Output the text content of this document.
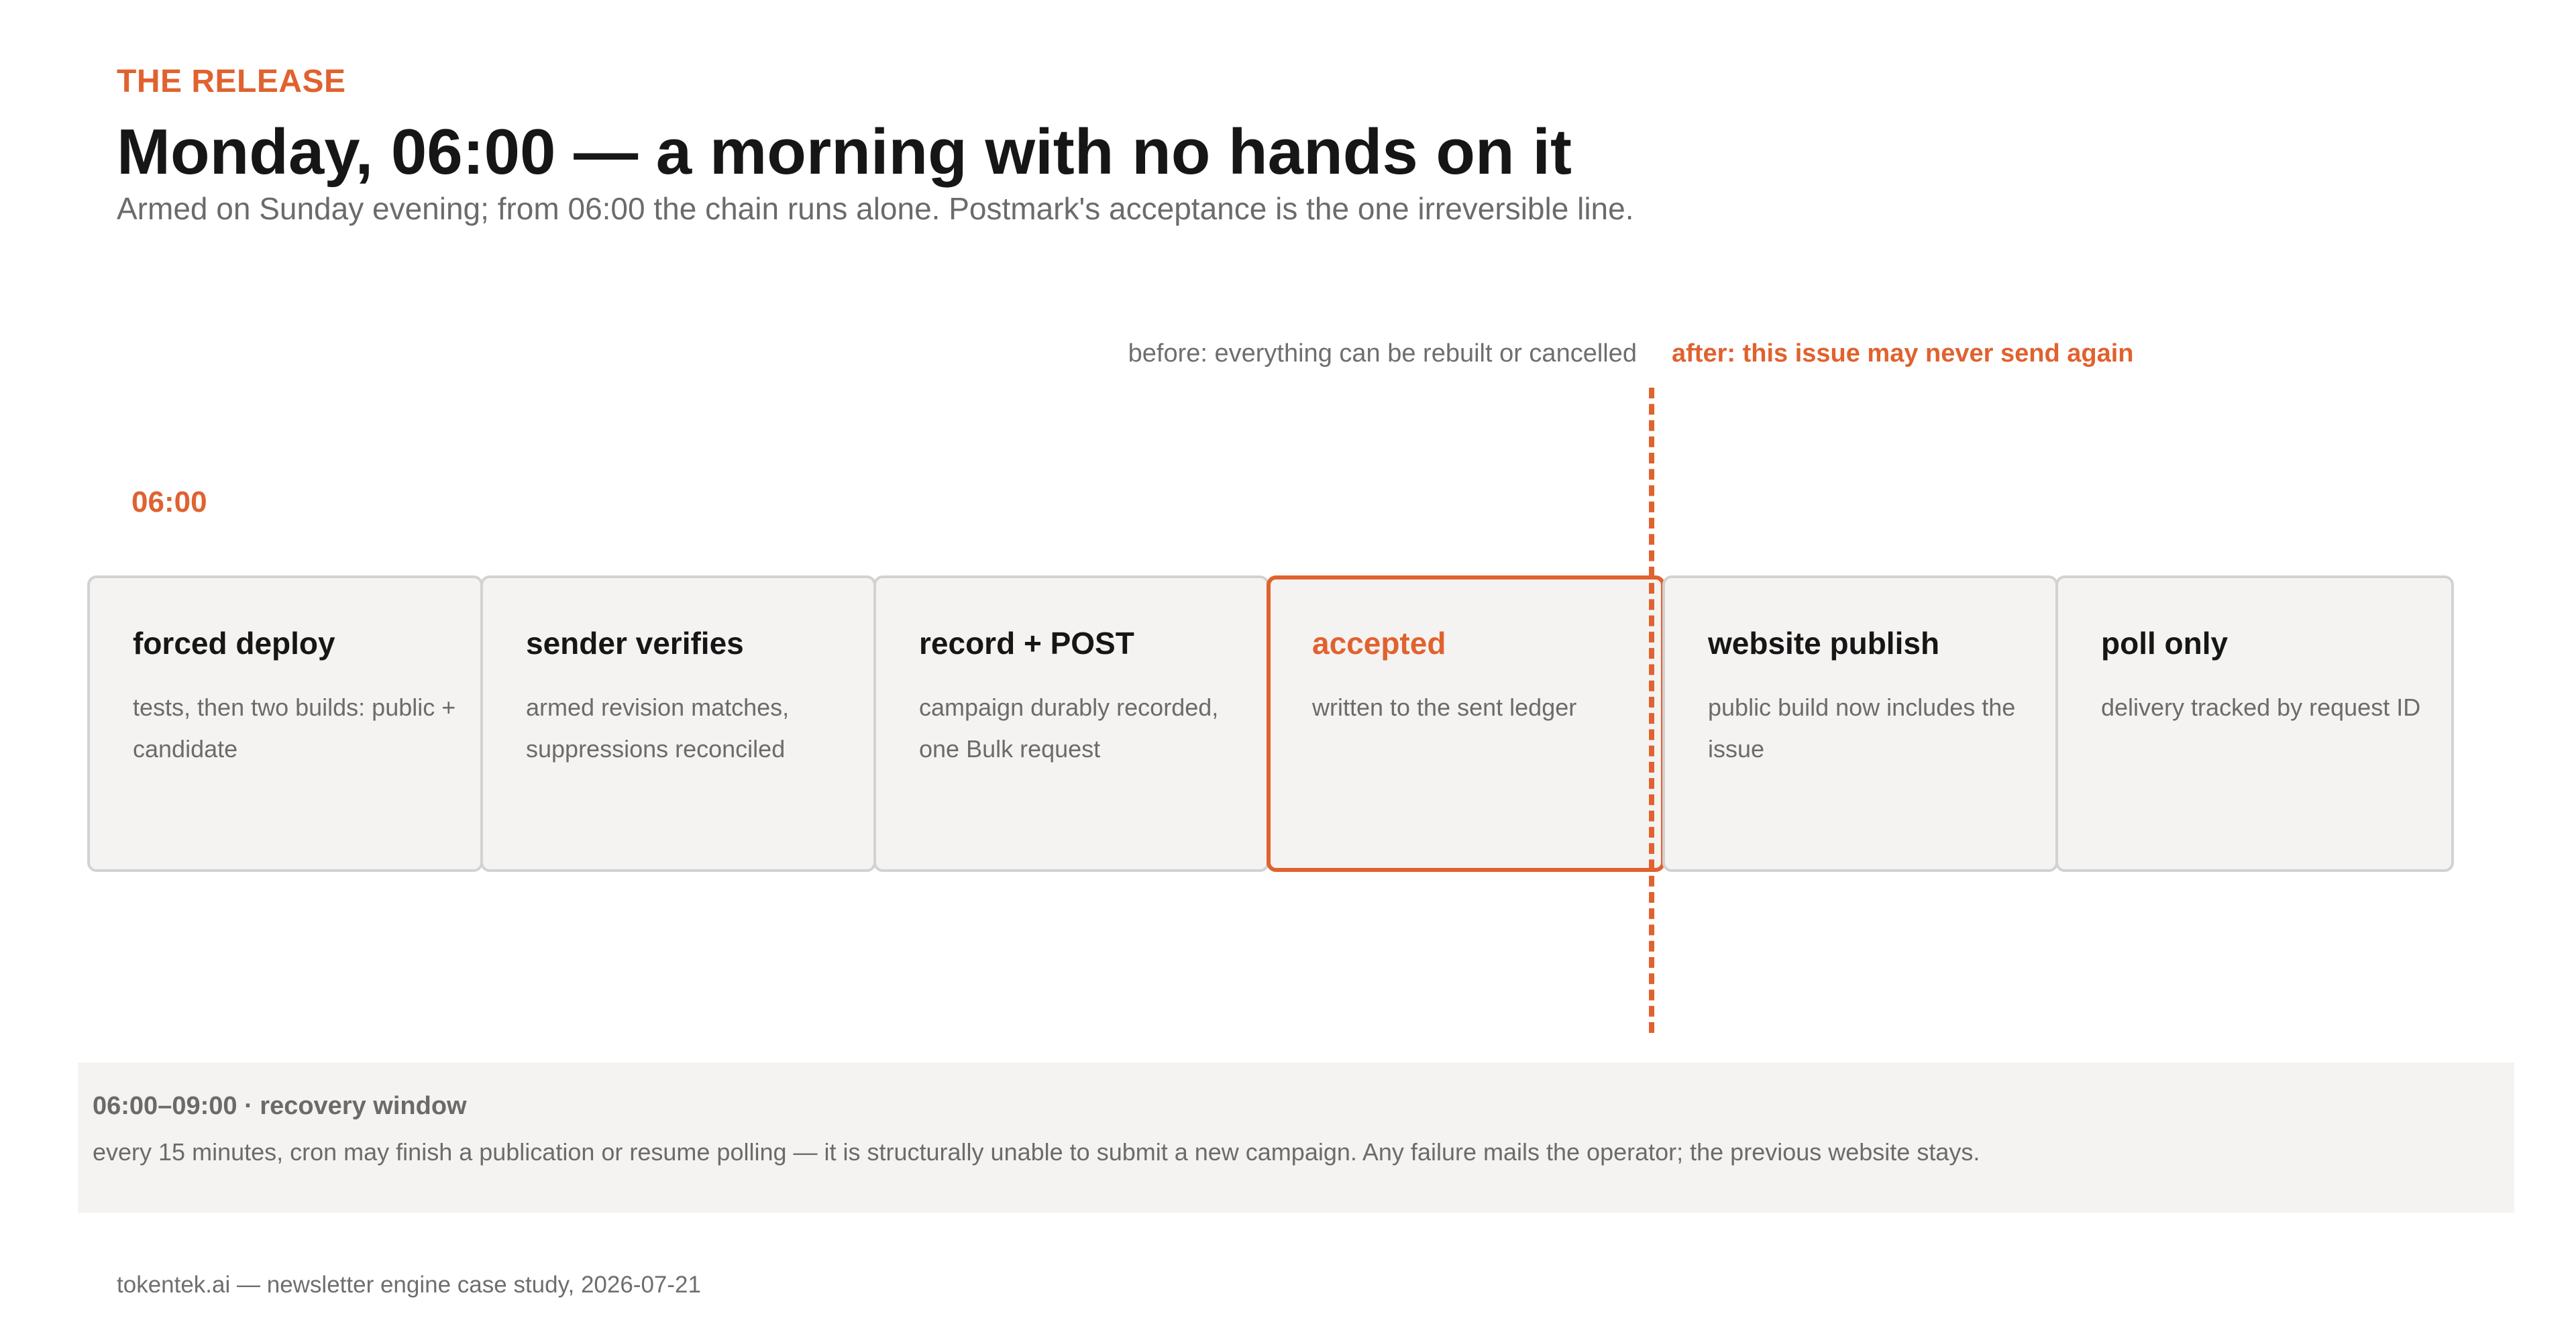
THE RELEASE
Monday, 06:00 — a morning with no hands on it

Armed on Sunday evening; from 06:00 the chain runs alone. Postmark's acceptance is the one irreversible line.

before: everything can be rebuilt or cancelled after: this issue may never send again
06:00
forced deploy
tests, then two builds: public + candidate
sender verifies
armed revision matches, suppressions reconciled
record + POST
campaign durably recorded, one Bulk request
accepted
written to the sent ledger
website publish
public build now includes the issue
poll only
delivery tracked by request ID
06:00–09:00 · recovery window
every 15 minutes, cron may finish a publication or resume polling — it is structurally unable to submit a new campaign. Any failure mails the operator; the previous website stays.
tokentek.ai — newsletter engine case study, 2026-07-21
